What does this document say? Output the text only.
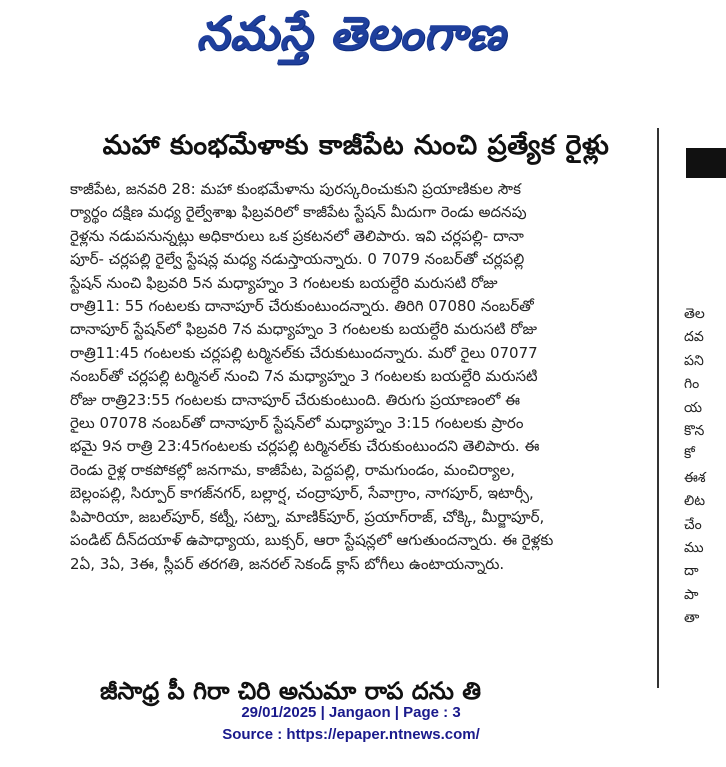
నమస్తే తెలంగాణ
మహా కుంభమేళాకు కాజీపేట నుంచి ప్రత్యేక రైళ్లు
కాజీపేట, జనవరి 28: మహా కుంభమేళాను పురస్కరించుకుని ప్రయాణికుల సౌక
ర్యార్థం దక్షిణ మధ్య రైల్వేశాఖ ఫిబ్రవరిలో కాజీపేట స్టేషన్ మీదుగా రెండు అదనపు
రైళ్లను నడుపనున్నట్లు అధికారులు ఒక ప్రకటనలో తెలిపారు. ఇవి చర్లపల్లి- దానా
పూర్- చర్లపల్లి రైల్వే స్టేషన్ల మధ్య నడుస్తాయన్నారు. 0 7079 నంబర్‌తో చర్లపల్లి
స్టేషన్ నుంచి ఫిబ్రవరి 5న మధ్యాహ్నం 3 గంటలకు బయల్దేరి మరుసటి రోజు
రాత్రి11: 55 గంటలకు దానాపూర్ చేరుకుంటుందన్నారు. తిరిగి 07080 నంబర్‌తో
దానాపూర్ స్టేషన్‌లో ఫిబ్రవరి 7న మధ్యాహ్నం 3 గంటలకు బయల్దేరి మరుసటి రోజు
రాత్రి11:45 గంటలకు చర్లపల్లి టర్మినల్‌కు చేరుకుటుందన్నారు. మరో రైలు 07077
నంబర్‌తో చర్లపల్లి టర్మినల్ నుంచి 7న మధ్యాహ్నం 3 గంటలకు బయల్దేరి మరుసటి
రోజు రాత్రి23:55 గంటలకు దానాపూర్ చేరుకుంటుంది. తిరుగు ప్రయాణంలో ఈ
రైలు 07078 నంబర్‌తో దానాపూర్ స్టేషన్‌లో మధ్యాహ్నం 3:15 గంటలకు ప్రారం
భమై 9న రాత్రి 23:45గంటలకు చర్లపల్లి టర్మినల్‌కు చేరుకుంటుందని తెలిపారు. ఈ
రెండు రైళ్ల రాకపోకల్లో జనగామ, కాజీపేట, పెద్దపల్లి, రామగుండం, మంచిర్యాల,
బెల్లంపల్లి, సిర్పూర్ కాగజ్‌నగర్, బల్లార్ష, చంద్రాపూర్, సేవాగ్రాం, నాగపూర్, ఇటార్సీ,
పిపారియా, జబల్‌పూర్, కట్నీ, సట్నా, మాణిక్‌పూర్, ప్రయాగ్‌రాజ్, చోక్కి, మీర్జాపూర్,
పండిట్ దీన్‌దయాళ్ ఉపాధ్యాయ, బుక్సర్, ఆరా స్టేషన్లలో ఆగుతుందన్నారు. ఈ రైళ్లకు
2ఏ, 3ఏ, 3ఈ, స్లీపర్ తరగతి, జనరల్ సెకండ్ క్లాస్ బోగీలు ఉంటాయన్నారు.
జీసాధ్ర పీ గిరా చిరి అనుమా రాప దను తి
తెల
దవ
పని
గిం
య
కొన
కో
ఈశ
లిట
చేం
ము
దా
పా
తా
29/01/2025 | Jangaon | Page : 3
Source : https://epaper.ntnews.com/
